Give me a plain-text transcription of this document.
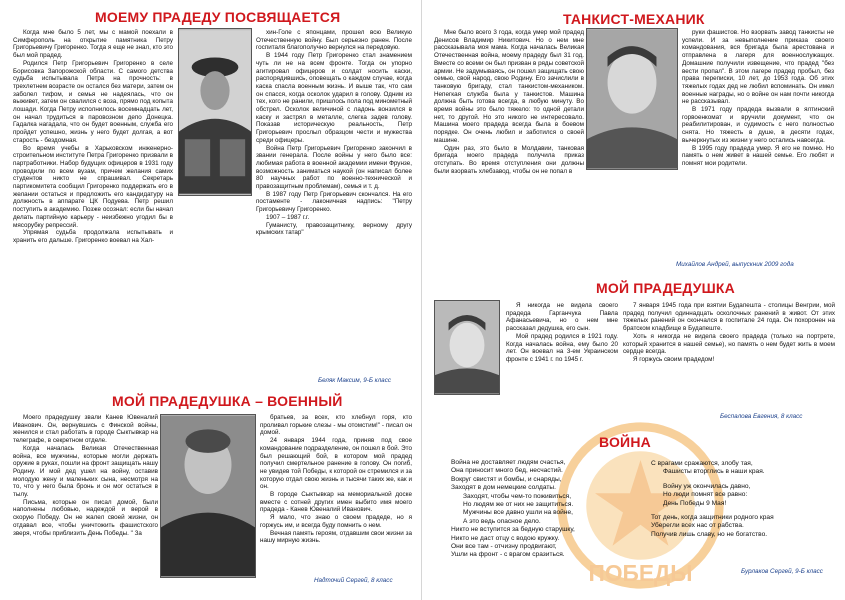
МОЕМУ ПРАДЕДУ ПОСВЯЩАЕТСЯ

Когда мне было 5 лет, мы с мамой поехали в Симферополь на открытие памятника Петру Григорьевичу Григоренко. Тогда я еще не знал, кто это был мой прадед.

Родился Петр Григорьевич Григоренко в селе Борисовка Запорожской области. С самого детства судьба испытывала Петра на прочность: в трехлетнем возрасте он остался без матери, затем он заболел тифом, и семья не надеялась, что он выживет, затем он свалился с воза, прямо под копыта лошади. Когда Петру исполнилось восемнадцать лет, он начал трудиться в паровозном депо Донецка. Гадалка нагадала, что он будет военным, служба его пройдет успешно, жизнь у него будет долгая, а вот старость - бездомная.

Во время учебы в Харьковском инженерно-строительном институте Петра Григоренко призвали в партработники. Набор будущих офицеров в 1931 году проводили по всем вузам, причем желания самих студентов никто не спрашивал. Секретарь партикомитета сообщил Григоренко поддержать его в желании остаться и предложить его кандидатуру на должность в аппарате ЦК Подуева. Петр решил поступить в академию. Позже осознал: если бы начал делать партийную карьеру - неизбежно угодил бы в мясорубку репрессий.

Упрямая судьба продолжала испытывать и хранить его дальше. Григоренко воевал на Хал-

хин-Голе с японцами, прошел всю Великую Отечественную войну. Был серьезно ранен. После госпиталя благополучно вернулся на передовую.

В 1944 году Петр Григоренко стал знамением чуть ли не на всем фронте. Тогда он упорно агитировал офицеров и солдат носить каски, распорядившись, оповещать о каждом случае, когда каска спасла военным жизнь. И выше так, что сам он спасся, когда осколок ударил в голову. Одним из тех, кого не ранили, пришлось пола под минометный обстрел. Осколок величиной с ладонь вонзился в каску и застрял в металле, слегка задев голову. Показав историческую реальность, Петр Григорьевич прослыл образцом чести и мужества среди офицеры.

Война Петр Григорьевич Григоренко закончил в звании генерала. После войны у него было все: любимая работа в военной академии имени Фрунзе, возможность заниматься наукой (он написал более 80 научных работ по военно-технической и правозащитным проблемам), семья и т. д.

В 1987 году Петр Григорьевич скончался. На его постаменте - лаконичная надпись: "Петру Григорьевичу Григоренко.

1907 – 1987 г.г.

Гуманисту, правозащитнику, верному другу крымских татар"

Беляк Максим, 9-Б класс
МОЙ ПРАДЕДУШКА – ВОЕННЫЙ

Моего прадедушку звали Канев Ювеналий Иванович. Он, вернувшись с Финской войны, женился и стал работать в городе Сыктывкар на телеграфе, в секретном отделе.

Когда началась Великая Отечественная война, все мужчины, которые могли держать оружие в руках, пошли на фронт защищать нашу Родину. И мой дед ушел на войну, оставив молодую жену и маленьких сына, несмотря на то, что у него была бронь и он мог остаться в тылу.

Письма, которые он писал домой, были наполнены любовью, надеждой и верой в скорую Победу. Он не жалел своей жизни, он отдавал все, чтобы уничтожить фашистского зверя, чтобы приблизить День Победы. " За

братьев, за всех, кто хлебнул горя, кто проливал горькие слезы - мы отомстим!" - писал он домой.

24 января 1944 года, приняв под свое командование подразделение, он пошел в бой. Это был решающий бой, в котором мой прадед получил смертельное ранение в голову. Он погиб, не увидев той Победы, к которой он стремился и за которую отдал свою жизнь и тысячи таких же, как и он.

В городе Сыктывкар на мемориальной доске вместе с сотней других имен выбито имя моего прадеда - Канев Ювеналий Иванович.

Я мало, что знаю о своем прадеде, но я горжусь им, и всегда буду помнить о нем.

Вечная память героям, отдавшим свои жизни за нашу мирную жизнь.

Надточий Сергей, 8 класс
ТАНКИСТ-МЕХАНИК

Мне было всего 3 года, когда умер мой прадед Денисов Владимир Никитович. Но о нем мне рассказывала моя мама. Когда началась Великая Отечественная война, моему прадеду был 31 год. Вместе со всеми он был призван в ряды советской армии. Не задумываясь, он пошел защищать свою семью, свой народ, свою Родину. Его зачислили в танковую бригаду, стал танкистом-механиком. Непегкая служба была у танкистов. Машина должна быть готова всегда, в любую минуту. Во время войны это было тяжело: то одной детали нет, то другой. Но это никого не интересовало. Машина моего прадеда всегда была в боевом порядке. Он очень любил и заботился о своей машине.

Один раз, это было в Молдавии, танковая бригада моего прадеда получила приказ отступать. Во время отступления они должны были взорвать хлебзавод, чтобы он не попал в

руки фашистов. Но взорвать завод танкисты не успели. И за невыполнение приказа своего командования, вся бригада была арестована и отправлена в лагеря для военнослужащих. Домашние получили извещение, что прадед "без вести пропал". В этом лагере прадед пробыл, без права переписки, 10 лет, до 1953 года. Об этих тяжелых годах дед не любил вспоминать. Он имел военные награды, но о войне он нам почти никогда не рассказывал.

В 1971 году прадеда вызвали в ялтинский горвоенкомат и вручили документ, что он реабилитирован, и судимость с него полностью снята. Но тяжесть в душе, в десяти годах, вычеркнутых из жизни у него остались навсегда.

В 1995 году прадеда умер. Я его не помню. Но память о нем живет в нашей семье. Его любят и помнят мои родители.

Михайлов Андрей, выпускник 2009 года
МОЙ ПРАДЕДУШКА

Я никогда не видела своего прадеда Гарганчука Павла Афанасьевича, но о нем мне рассказал дедушка, его сын.

Мой прадед родился в 1921 году. Когда началась война, ему было 20 лет. Он воевал на 3-ем Украинском фронте с 1941 г. по 1945 г.

7 января 1945 года при взятии Будапешта - столицы Венгрии, мой прадед получил одиннадцать осколочных ранений в живот. От этих тяжелых ранений он скончался в госпитале 24 года. Он похоронен на братском кладбище в Будапеште.

Хоть я никогда не видела своего прадеда (только на портрете, который хранится в нашей семье), но память о нем будет жить в моем сердце всегда.

Я горжусь своим прадедом!

Беспалова Евгения, 8 класс
ПОБЕДЫ
ВОЙНА
Война не доставляет людям счастья,
Она приносит много бед, несчастий.
Вокруг свистят и бомбы, и снаряды,
Заходят в дом немецкие солдаты.
Заходят, чтобы чем-то поживиться,
Но людям же от них не защититься.
Мужчины все давно ушли на войне,
А это ведь опасное дело.
Никто не вступится за бедную старушку,
Никто не даст отцу с водою кружку.
Они все там - отчизну продвигают,
Ушли на фронт - с врагом сразиться.
С врагами сражаются, злобу тая,
Фашисты вторглись в наши края.
Войну уж окончилась давно,
Но люди помнят все равно:
День Победы 9 Мая!
Тот день, когда защитники родного края
Уберегли всех нас от рабства.
Получив лишь славу, но не богатство.
Бурлаков Сергей, 9-Б класс
